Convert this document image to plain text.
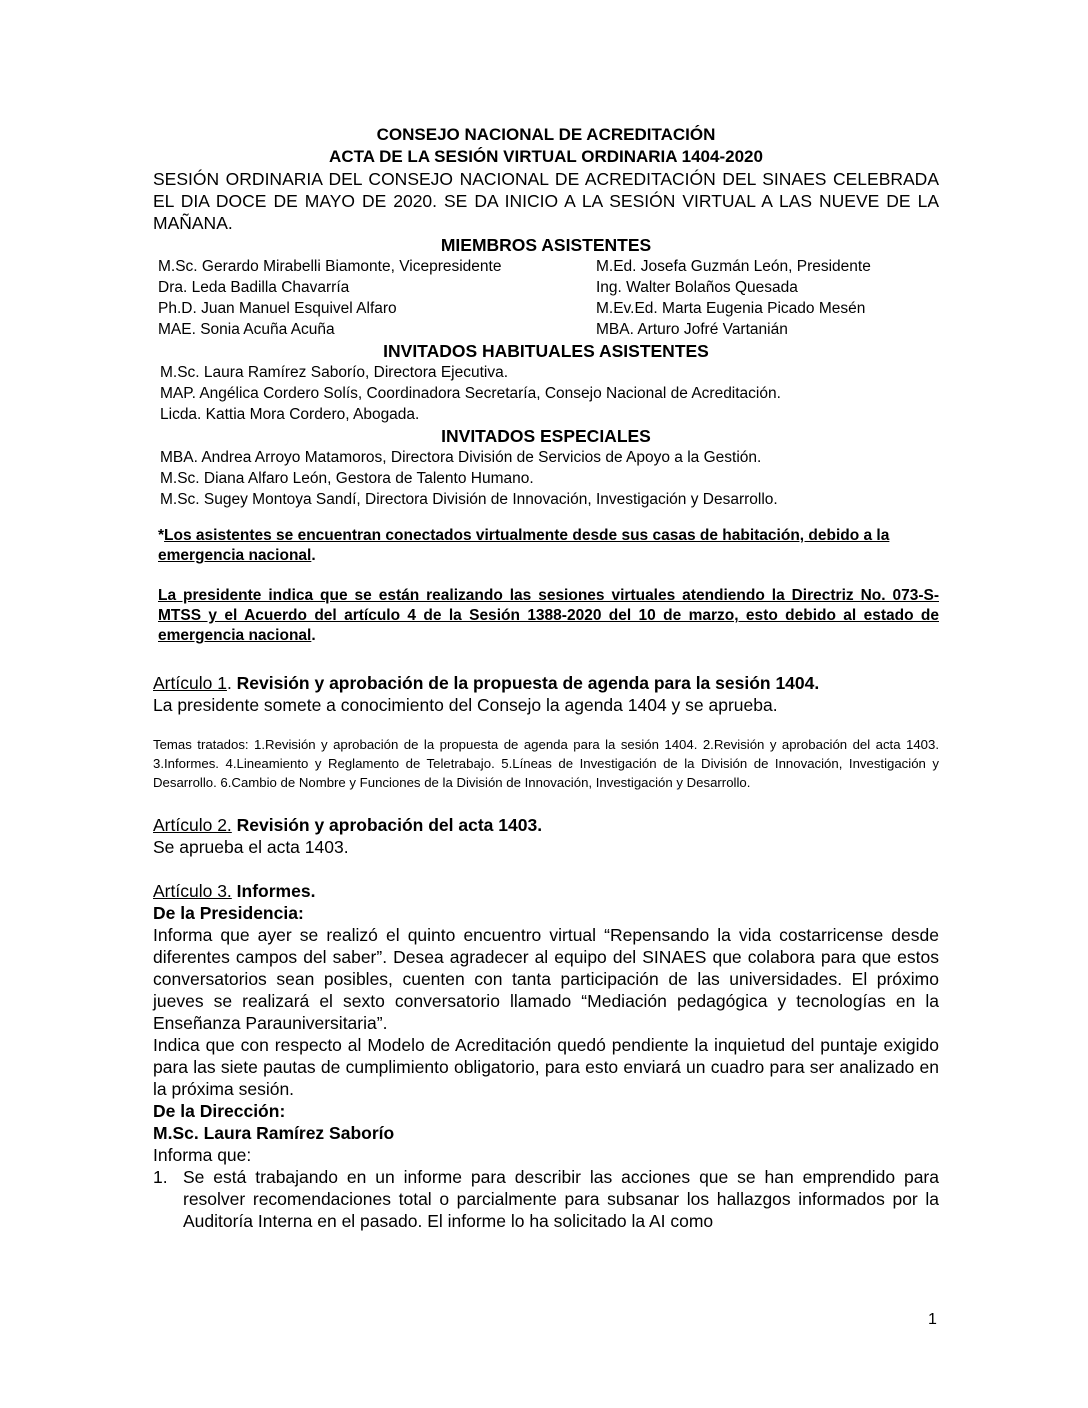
CONSEJO NACIONAL DE ACREDITACIÓN
ACTA DE LA SESIÓN VIRTUAL ORDINARIA 1404-2020

SESIÓN ORDINARIA DEL CONSEJO NACIONAL DE ACREDITACIÓN DEL SINAES CELEBRADA EL DIA DOCE DE MAYO DE 2020. SE DA INICIO A LA SESIÓN VIRTUAL A LAS NUEVE DE LA MAÑANA.

MIEMBROS ASISTENTES
M.Sc. Gerardo Mirabelli Biamonte, Vicepresidente	M.Ed. Josefa Guzmán León, Presidente
Dra. Leda Badilla Chavarría	Ing. Walter Bolaños Quesada
Ph.D. Juan Manuel Esquivel Alfaro	M.Ev.Ed. Marta Eugenia Picado Mesén
MAE. Sonia Acuña Acuña	MBA. Arturo Jofré Vartanián
INVITADOS HABITUALES ASISTENTES
M.Sc. Laura Ramírez Saborío, Directora Ejecutiva.
MAP. Angélica Cordero Solís, Coordinadora Secretaría, Consejo Nacional de Acreditación.
Licda. Kattia Mora Cordero, Abogada.
INVITADOS ESPECIALES
MBA. Andrea Arroyo Matamoros, Directora División de Servicios de Apoyo a la Gestión.
M.Sc. Diana Alfaro León, Gestora de Talento Humano.
M.Sc. Sugey Montoya Sandí, Directora División de Innovación, Investigación y Desarrollo.

*Los asistentes se encuentran conectados virtualmente desde sus casas de habitación, debido a la emergencia nacional.

La presidente indica que se están realizando las sesiones virtuales atendiendo la Directriz No. 073-S-MTSS y el Acuerdo del artículo 4 de la Sesión 1388-2020 del 10 de marzo, esto debido al estado de emergencia nacional.

Artículo 1. Revisión y aprobación de la propuesta de agenda para la sesión 1404.

La presidente somete a conocimiento del Consejo la agenda 1404 y se aprueba.

Temas tratados: 1.Revisión y aprobación de la propuesta de agenda para la sesión 1404. 2.Revisión y aprobación del acta 1403. 3.Informes. 4.Lineamiento y Reglamento de Teletrabajo. 5.Líneas de Investigación de la División de Innovación, Investigación y Desarrollo. 6.Cambio de Nombre y Funciones de la División de Innovación, Investigación y Desarrollo.

Artículo 2. Revisión y aprobación del acta 1403.

Se aprueba el acta 1403.

Artículo 3. Informes.
De la Presidencia:

Informa que ayer se realizó el quinto encuentro virtual “Repensando la vida costarricense desde diferentes campos del saber”. Desea agradecer al equipo del SINAES que colabora para que estos conversatorios sean posibles, cuenten con tanta participación de las universidades. El próximo jueves se realizará el sexto conversatorio llamado “Mediación pedagógica y tecnologías en la Enseñanza Parauniversitaria”.

Indica que con respecto al Modelo de Acreditación quedó pendiente la inquietud del puntaje exigido para las siete pautas de cumplimiento obligatorio, para esto enviará un cuadro para ser analizado en la próxima sesión.

De la Dirección:
M.Sc. Laura Ramírez Saborío
Informa que:
1. Se está trabajando en un informe para describir las acciones que se han emprendido para resolver recomendaciones total o parcialmente para subsanar los hallazgos informados por la Auditoría Interna en el pasado. El informe lo ha solicitado la AI como
1
